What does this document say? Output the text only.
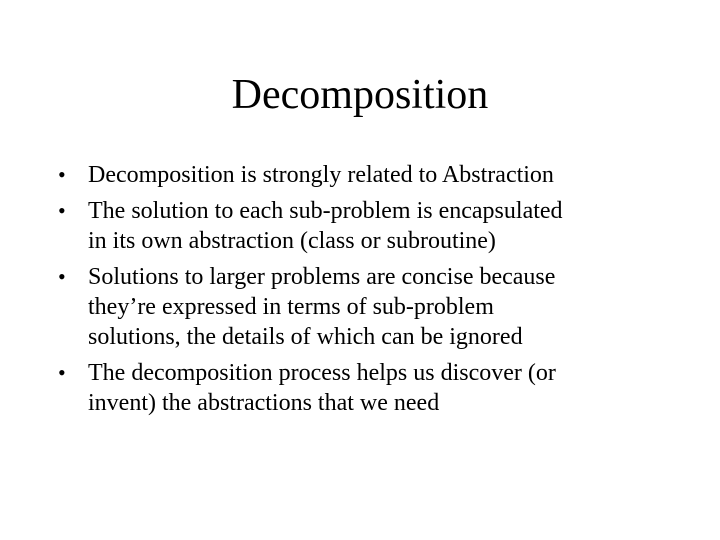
Decomposition
• Decomposition is strongly related to Abstraction
• The solution to each sub-problem is encapsulated
in its own abstraction (class or subroutine)
• Solutions to larger problems are concise because
they’re expressed in terms of sub-problem
solutions, the details of which can be ignored
• The decomposition process helps us discover (or
invent) the abstractions that we need
